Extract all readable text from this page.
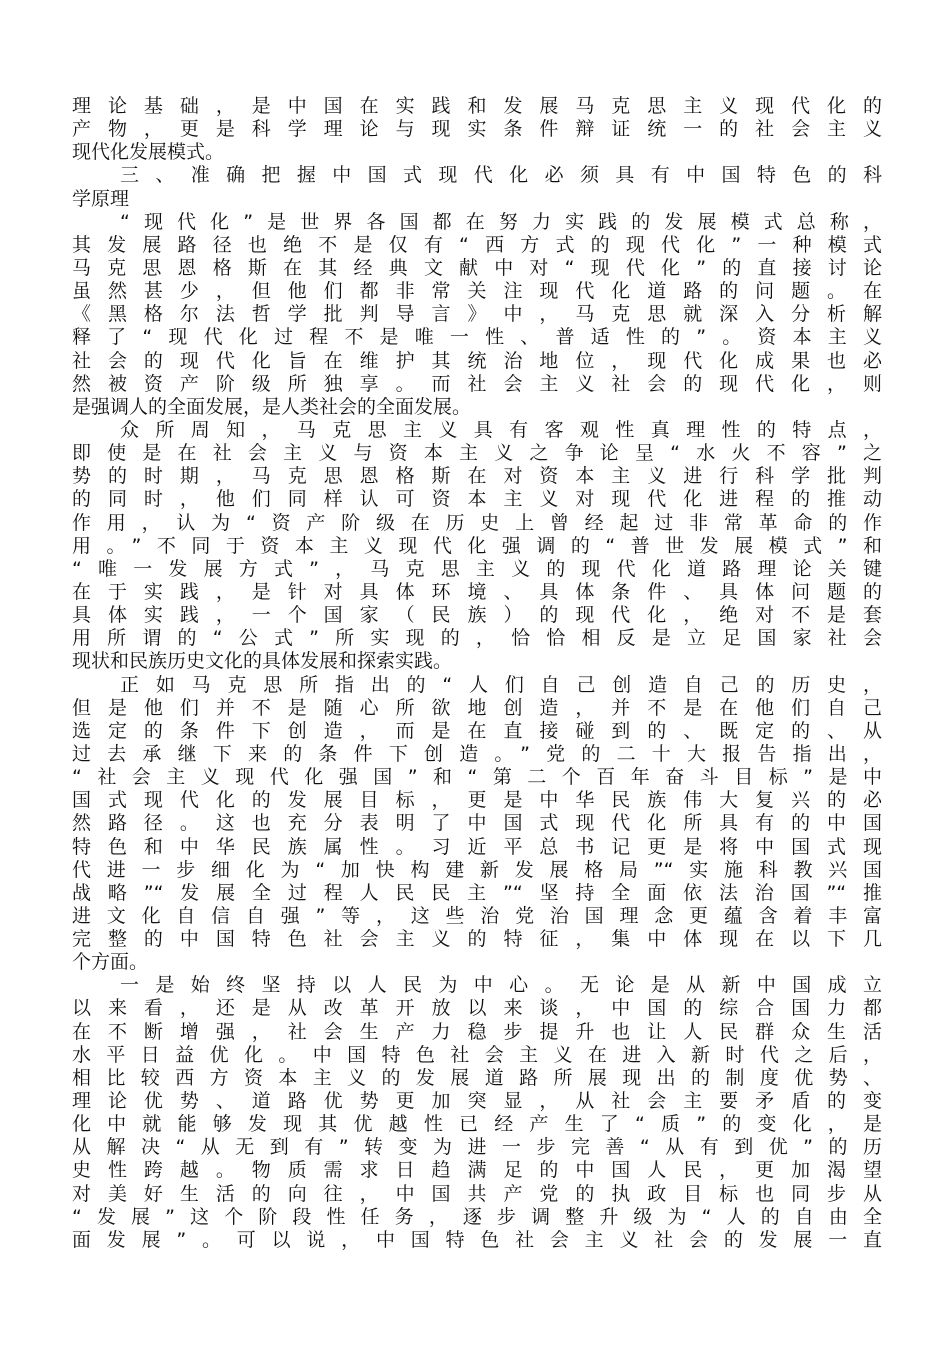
理论基础，是中国在实践和发展马克思主义现代化的
产物，更是科学理论与现实条件辩证统一的社会主义
现代化发展模式。
三、准确把握中国式现代化必须具有中国特色的科
学原理
“现代化”是世界各国都在努力实践的发展模式总称，
其发展路径也绝不是仅有“西方式的现代化”一种模式
马克思恩格斯在其经典文献中对“现代化”的直接讨论
虽然甚少，但他们都非常关注现代化道路的问题。在
《黑格尔法哲学批判导言》中，马克思就深入分析解
释了“现代化过程不是唯一性、普适性的”。资本主义
社会的现代化旨在维护其统治地位，现代化成果也必
然被资产阶级所独享。而社会主义社会的现代化，则
是强调人的全面发展，是人类社会的全面发展。
众所周知，马克思主义具有客观性真理性的特点，
即使是在社会主义与资本主义之争论呈“水火不容”之
势的时期，马克思恩格斯在对资本主义进行科学批判
的同时，他们同样认可资本主义对现代化进程的推动
作用，认为“资产阶级在历史上曾经起过非常革命的作
用。”不同于资本主义现代化强调的“普世发展模式”和
“唯一发展方式”，马克思主义的现代化道路理论关键
在于实践，是针对具体环境、具体条件、具体问题的
具体实践，一个国家（民族）的现代化，绝对不是套
用所谓的“公式”所实现的，恰恰相反是立足国家社会
现状和民族历史文化的具体发展和探索实践。
正如马克思所指出的“人们自己创造自己的历史，
但是他们并不是随心所欲地创造，并不是在他们自己
选定的条件下创造，而是在直接碰到的、既定的、从
过去承继下来的条件下创造。”党的二十大报告指出，
“社会主义现代化强国”和“第二个百年奋斗目标”是中
国式现代化的发展目标，更是中华民族伟大复兴的必
然路径。这也充分表明了中国式现代化所具有的中国
特色和中华民族属性。习近平总书记更是将中国式现
代进一步细化为“加快构建新发展格局”“实施科教兴国
战略”“发展全过程人民民主”“坚持全面依法治国”“推
进文化自信自强”等，这些治党治国理念更蕴含着丰富
完整的中国特色社会主义的特征，集中体现在以下几
个方面。
一是始终坚持以人民为中心。无论是从新中国成立
以来看，还是从改革开放以来谈，中国的综合国力都
在不断增强，社会生产力稳步提升也让人民群众生活
水平日益优化。中国特色社会主义在进入新时代之后，
相比较西方资本主义的发展道路所展现出的制度优势、
理论优势、道路优势更加突显，从社会主要矛盾的变
化中就能够发现其优越性已经产生了“质”的变化，是
从解决“从无到有”转变为进一步完善“从有到优”的历
史性跨越。物质需求日趋满足的中国人民，更加渴望
对美好生活的向往，中国共产党的执政目标也同步从
“发展”这个阶段性任务，逐步调整升级为“人的自由全
面发展”。可以说，中国特色社会主义社会的发展一直
